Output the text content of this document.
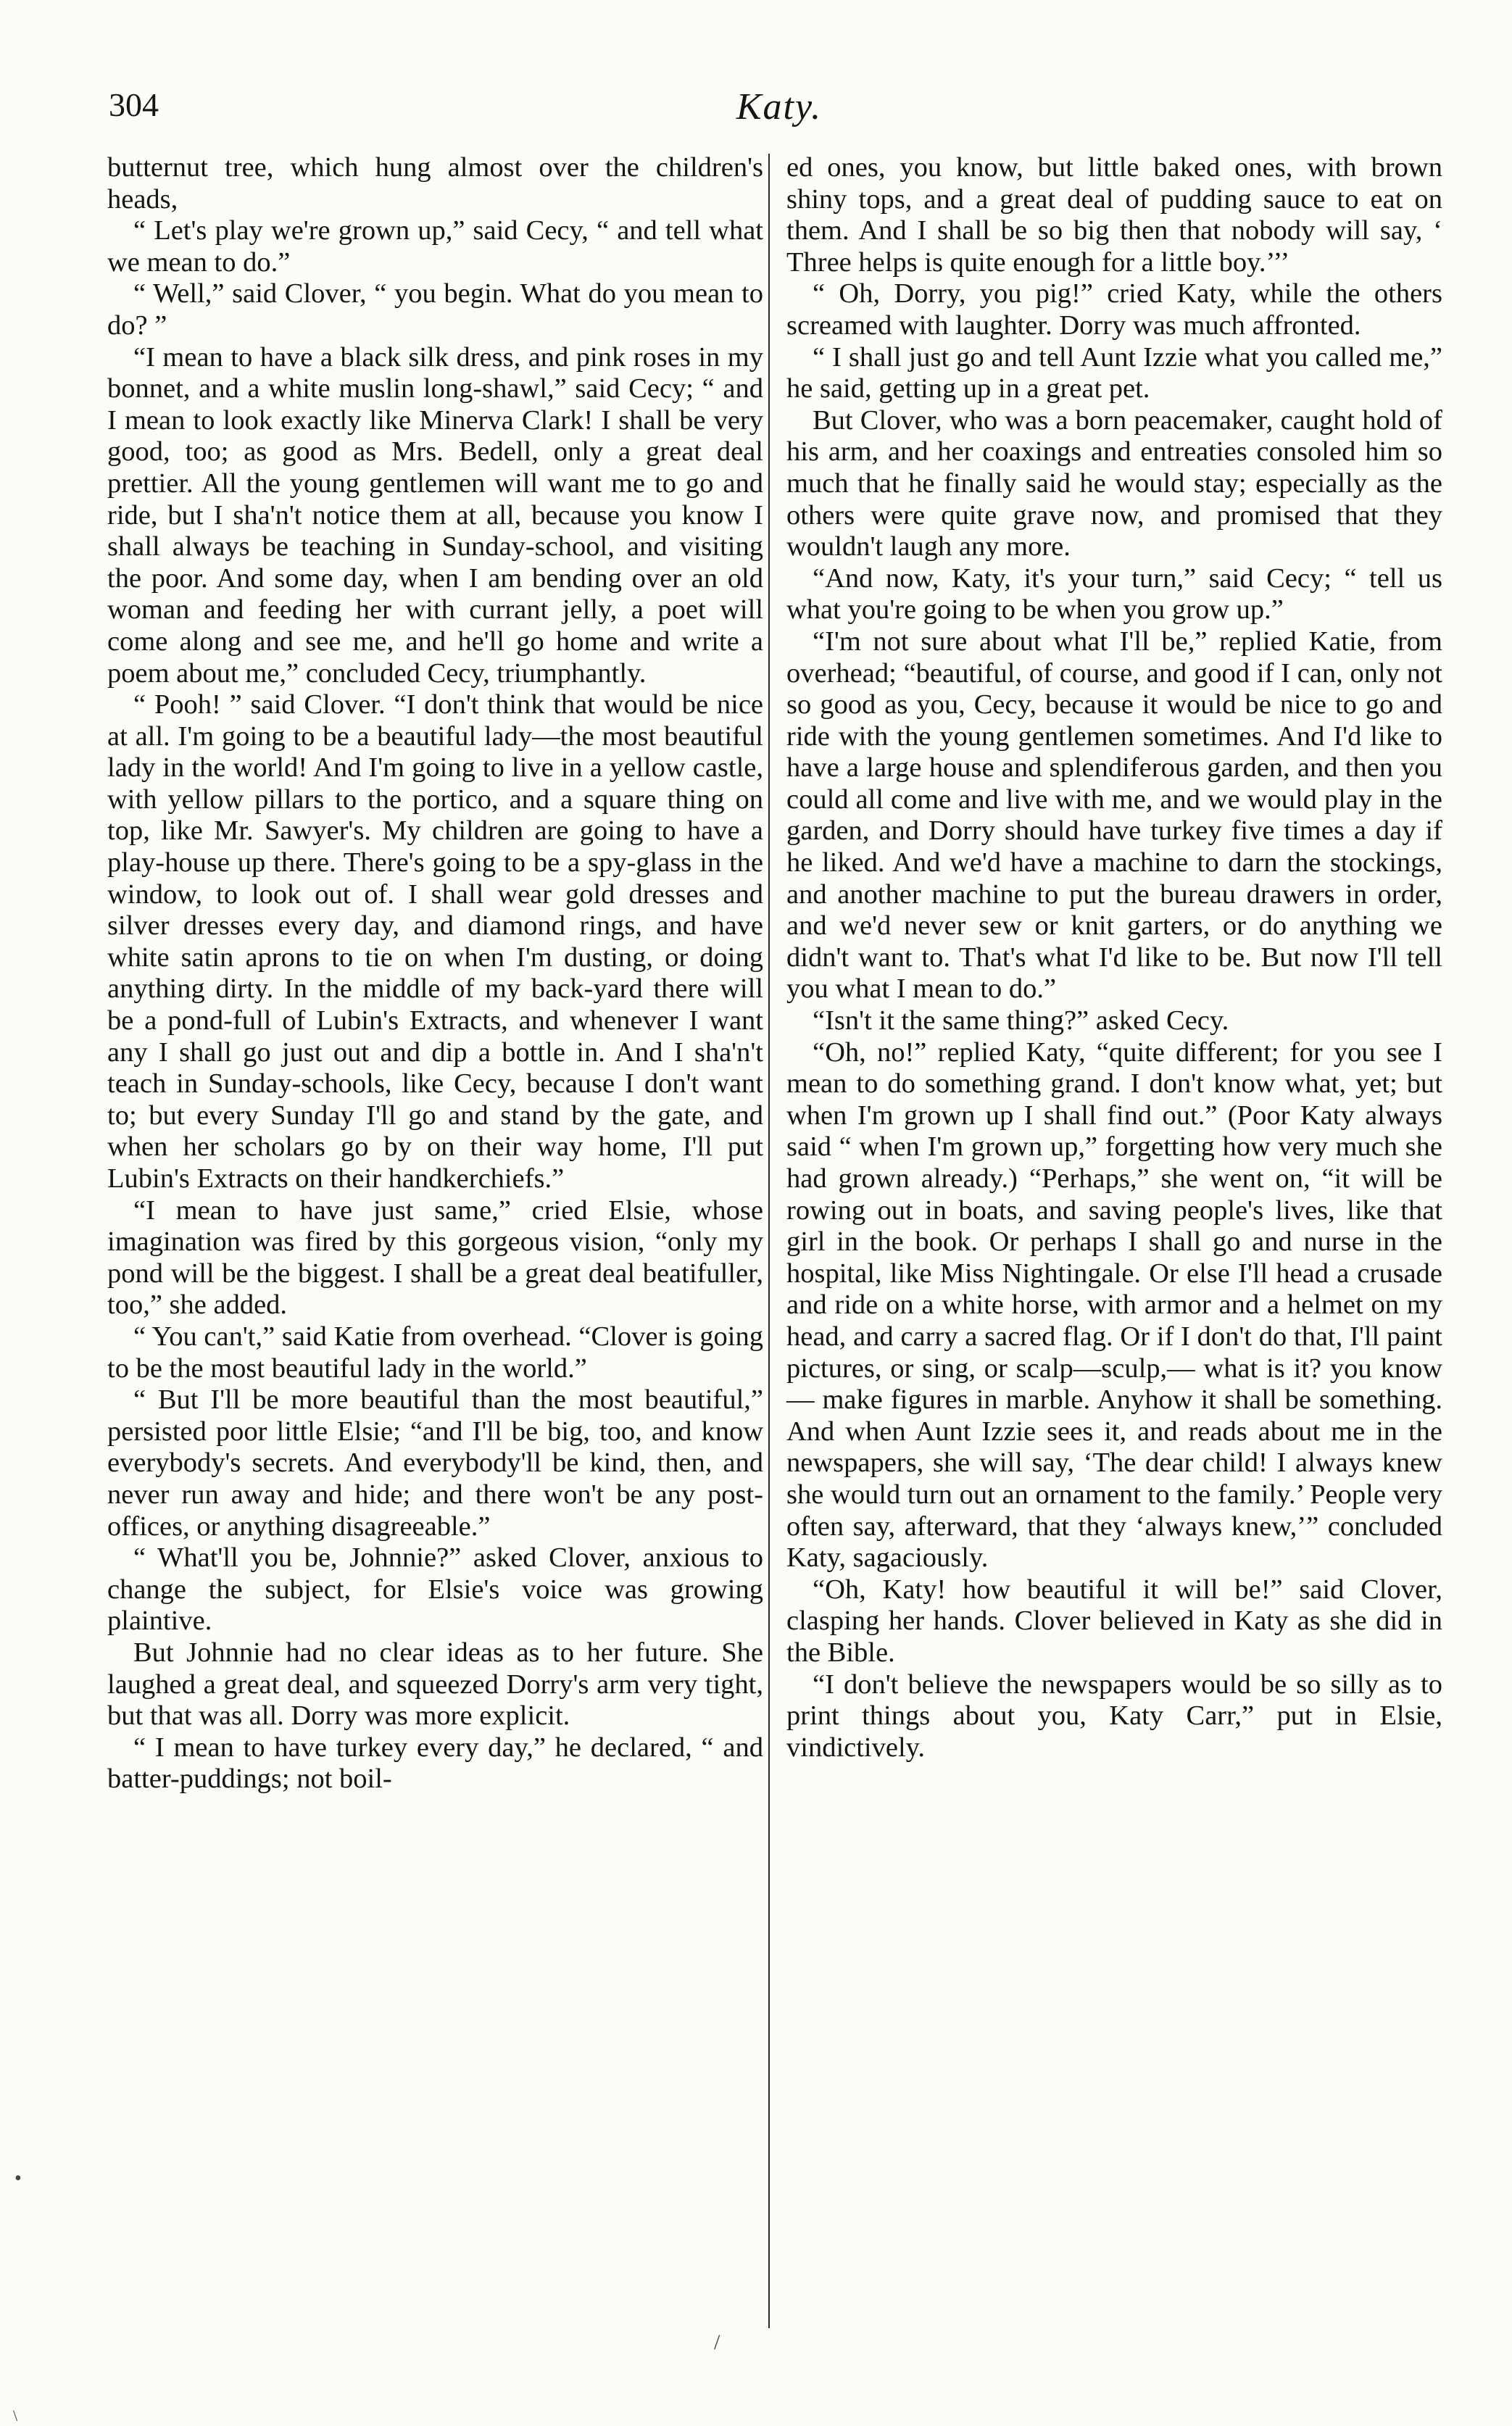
304	Katy.

butternut tree, which hung almost over the children's heads,

“ Let's play we're grown up,” said Cecy, “ and tell what we mean to do.”

“ Well,” said Clover, “ you begin. What do you mean to do? ”

“I mean to have a black silk dress, and pink roses in my bonnet, and a white muslin long-shawl,” said Cecy; “ and I mean to look exactly like Minerva Clark! I shall be very good, too; as good as Mrs. Bedell, only a great deal prettier. All the young gentlemen will want me to go and ride, but I sha'n't notice them at all, because you know I shall always be teaching in Sunday-school, and visiting the poor. And some day, when I am bending over an old woman and feeding her with currant jelly, a poet will come along and see me, and he'll go home and write a poem about me,” concluded Cecy, triumphantly.

“ Pooh! ” said Clover. “I don't think that would be nice at all. I'm going to be a beautiful lady—the most beautiful lady in the world! And I'm going to live in a yellow castle, with yellow pillars to the portico, and a square thing on top, like Mr. Sawyer's. My children are going to have a play-house up there. There's going to be a spy-glass in the window, to look out of. I shall wear gold dresses and silver dresses every day, and diamond rings, and have white satin aprons to tie on when I'm dusting, or doing anything dirty. In the middle of my back-yard there will be a pond-full of Lubin's Extracts, and whenever I want any I shall go just out and dip a bottle in. And I sha'n't teach in Sunday-schools, like Cecy, because I don't want to; but every Sunday I'll go and stand by the gate, and when her scholars go by on their way home, I'll put Lubin's Extracts on their handkerchiefs.”

“I mean to have just same,” cried Elsie, whose imagination was fired by this gorgeous vision, “only my pond will be the biggest. I shall be a great deal beatifuller, too,” she added.

“ You can't,” said Katie from overhead. “Clover is going to be the most beautiful lady in the world.”

“ But I'll be more beautiful than the most beautiful,” persisted poor little Elsie; “and I'll be big, too, and know everybody's secrets. And everybody'll be kind, then, and never run away and hide; and there won't be any post-offices, or anything disagreeable.”

“ What'll you be, Johnnie?” asked Clover, anxious to change the subject, for Elsie's voice was growing plaintive.

But Johnnie had no clear ideas as to her future. She laughed a great deal, and squeezed Dorry's arm very tight, but that was all. Dorry was more explicit.

“ I mean to have turkey every day,” he declared, “ and batter-puddings; not boil-

ed ones, you know, but little baked ones, with brown shiny tops, and a great deal of pudding sauce to eat on them. And I shall be so big then that nobody will say, ‘ Three helps is quite enough for a little boy.’’’

“ Oh, Dorry, you pig!” cried Katy, while the others screamed with laughter. Dorry was much affronted.

“ I shall just go and tell Aunt Izzie what you called me,” he said, getting up in a great pet.

But Clover, who was a born peacemaker, caught hold of his arm, and her coaxings and entreaties consoled him so much that he finally said he would stay; especially as the others were quite grave now, and promised that they wouldn't laugh any more.

“And now, Katy, it's your turn,” said Cecy; “ tell us what you're going to be when you grow up.”

“I'm not sure about what I'll be,” replied Katie, from overhead; “beautiful, of course, and good if I can, only not so good as you, Cecy, because it would be nice to go and ride with the young gentlemen sometimes. And I'd like to have a large house and splendiferous garden, and then you could all come and live with me, and we would play in the garden, and Dorry should have turkey five times a day if he liked. And we'd have a machine to darn the stockings, and another machine to put the bureau drawers in order, and we'd never sew or knit garters, or do anything we didn't want to. That's what I'd like to be. But now I'll tell you what I mean to do.”

“Isn't it the same thing?” asked Cecy.

“Oh, no!” replied Katy, “quite different; for you see I mean to do something grand. I don't know what, yet; but when I'm grown up I shall find out.” (Poor Katy always said “ when I'm grown up,” forgetting how very much she had grown already.) “Perhaps,” she went on, “it will be rowing out in boats, and saving people's lives, like that girl in the book. Or perhaps I shall go and nurse in the hospital, like Miss Nightingale. Or else I'll head a crusade and ride on a white horse, with armor and a helmet on my head, and carry a sacred flag. Or if I don't do that, I'll paint pictures, or sing, or scalp—sculp,— what is it? you know— make figures in marble. Anyhow it shall be something. And when Aunt Izzie sees it, and reads about me in the newspapers, she will say, ‘The dear child! I always knew she would turn out an ornament to the family.’ People very often say, afterward, that they ‘always knew,’” concluded Katy, sagaciously.

“Oh, Katy! how beautiful it will be!” said Clover, clasping her hands. Clover believed in Katy as she did in the Bible.

“I don't believe the newspapers would be so silly as to print things about you, Katy Carr,” put in Elsie, vindictively.

/
•
\
